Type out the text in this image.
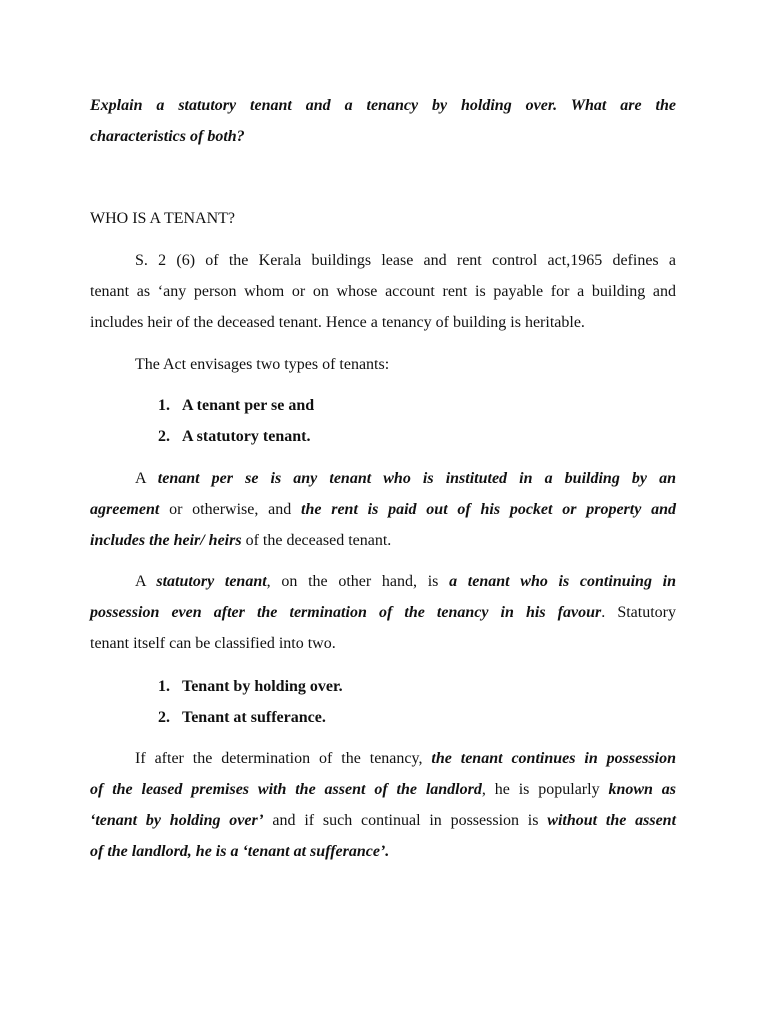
Explain a statutory tenant and a tenancy by holding over. What are the
characteristics of both?
WHO IS A TENANT?
S. 2 (6) of the Kerala buildings lease and rent control act,1965 defines a
tenant as ‘any person whom or on whose account rent is payable for a building and
includes heir of the deceased tenant. Hence a tenancy of building is heritable.
The Act envisages two types of tenants:
1. A tenant per se and
2. A statutory tenant.
A tenant per se is any tenant who is instituted in a building by an
agreement or otherwise, and the rent is paid out of his pocket or property and
includes the heir/ heirs of the deceased tenant.
A statutory tenant, on the other hand, is a tenant who is continuing in
possession even after the termination of the tenancy in his favour. Statutory
tenant itself can be classified into two.
1. Tenant by holding over.
2. Tenant at sufferance.
If after the determination of the tenancy, the tenant continues in possession
of the leased premises with the assent of the landlord, he is popularly known as
‘tenant by holding over’ and if such continual in possession is without the assent
of the landlord, he is a ‘tenant at sufferance’.
